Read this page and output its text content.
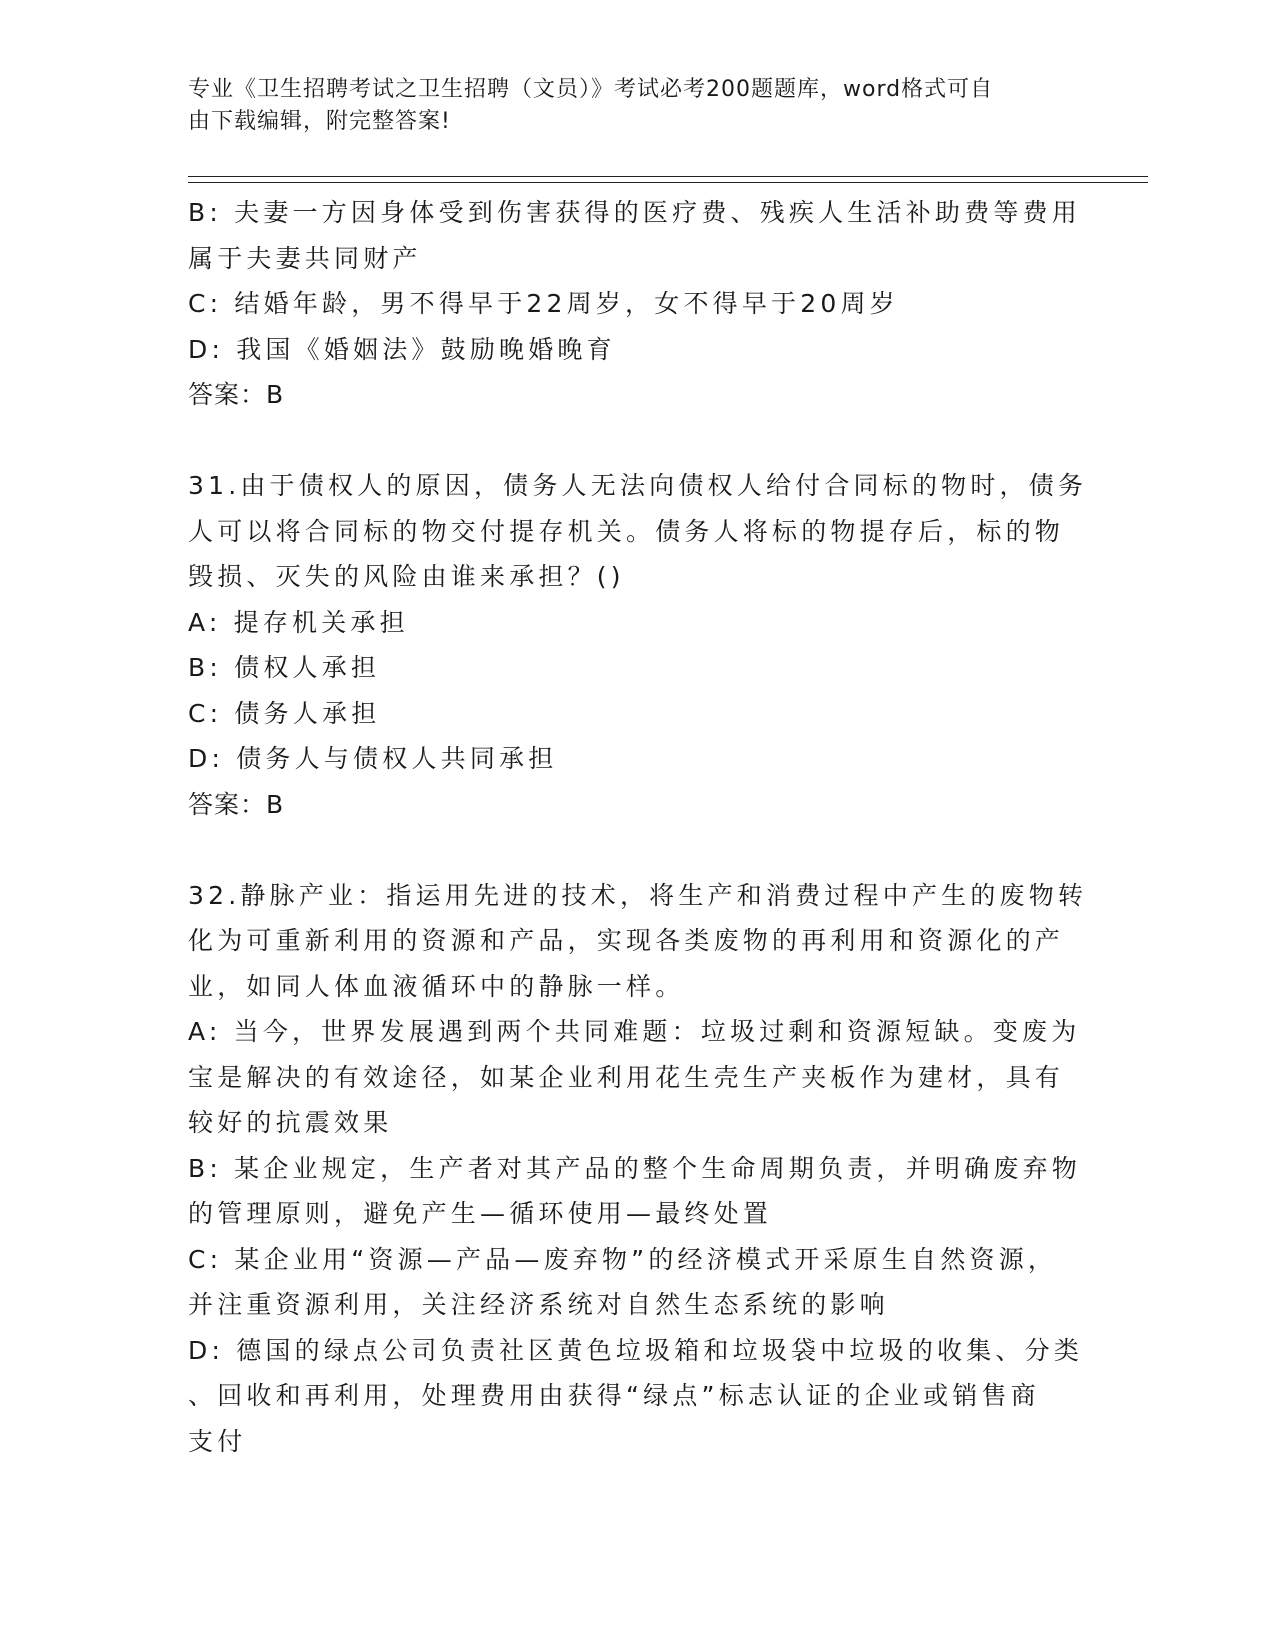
专业《卫生招聘考试之卫生招聘（文员）》考试必考200题题库，word格式可自
由下载编辑，附完整答案!
B: 夫妻一方因身体受到伤害获得的医疗费、残疾人生活补助费等费用
属于夫妻共同财产
C: 结婚年龄，男不得早于22周岁，女不得早于20周岁
D: 我国《婚姻法》鼓励晚婚晚育
答案：B
31.由于债权人的原因，债务人无法向债权人给付合同标的物时，债务
人可以将合同标的物交付提存机关。债务人将标的物提存后，标的物
毁损、灭失的风险由谁来承担？()
A: 提存机关承担
B: 债权人承担
C: 债务人承担
D: 债务人与债权人共同承担
答案：B
32.静脉产业：指运用先进的技术，将生产和消费过程中产生的废物转
化为可重新利用的资源和产品，实现各类废物的再利用和资源化的产
业，如同人体血液循环中的静脉一样。
A: 当今，世界发展遇到两个共同难题：垃圾过剩和资源短缺。变废为
宝是解决的有效途径，如某企业利用花生壳生产夹板作为建材，具有
较好的抗震效果
B: 某企业规定，生产者对其产品的整个生命周期负责，并明确废弃物
的管理原则，避免产生—循环使用—最终处置
C: 某企业用“资源—产品—废弃物”的经济模式开采原生自然资源，
并注重资源利用，关注经济系统对自然生态系统的影响
D: 德国的绿点公司负责社区黄色垃圾箱和垃圾袋中垃圾的收集、分类
、回收和再利用，处理费用由获得“绿点”标志认证的企业或销售商
支付
